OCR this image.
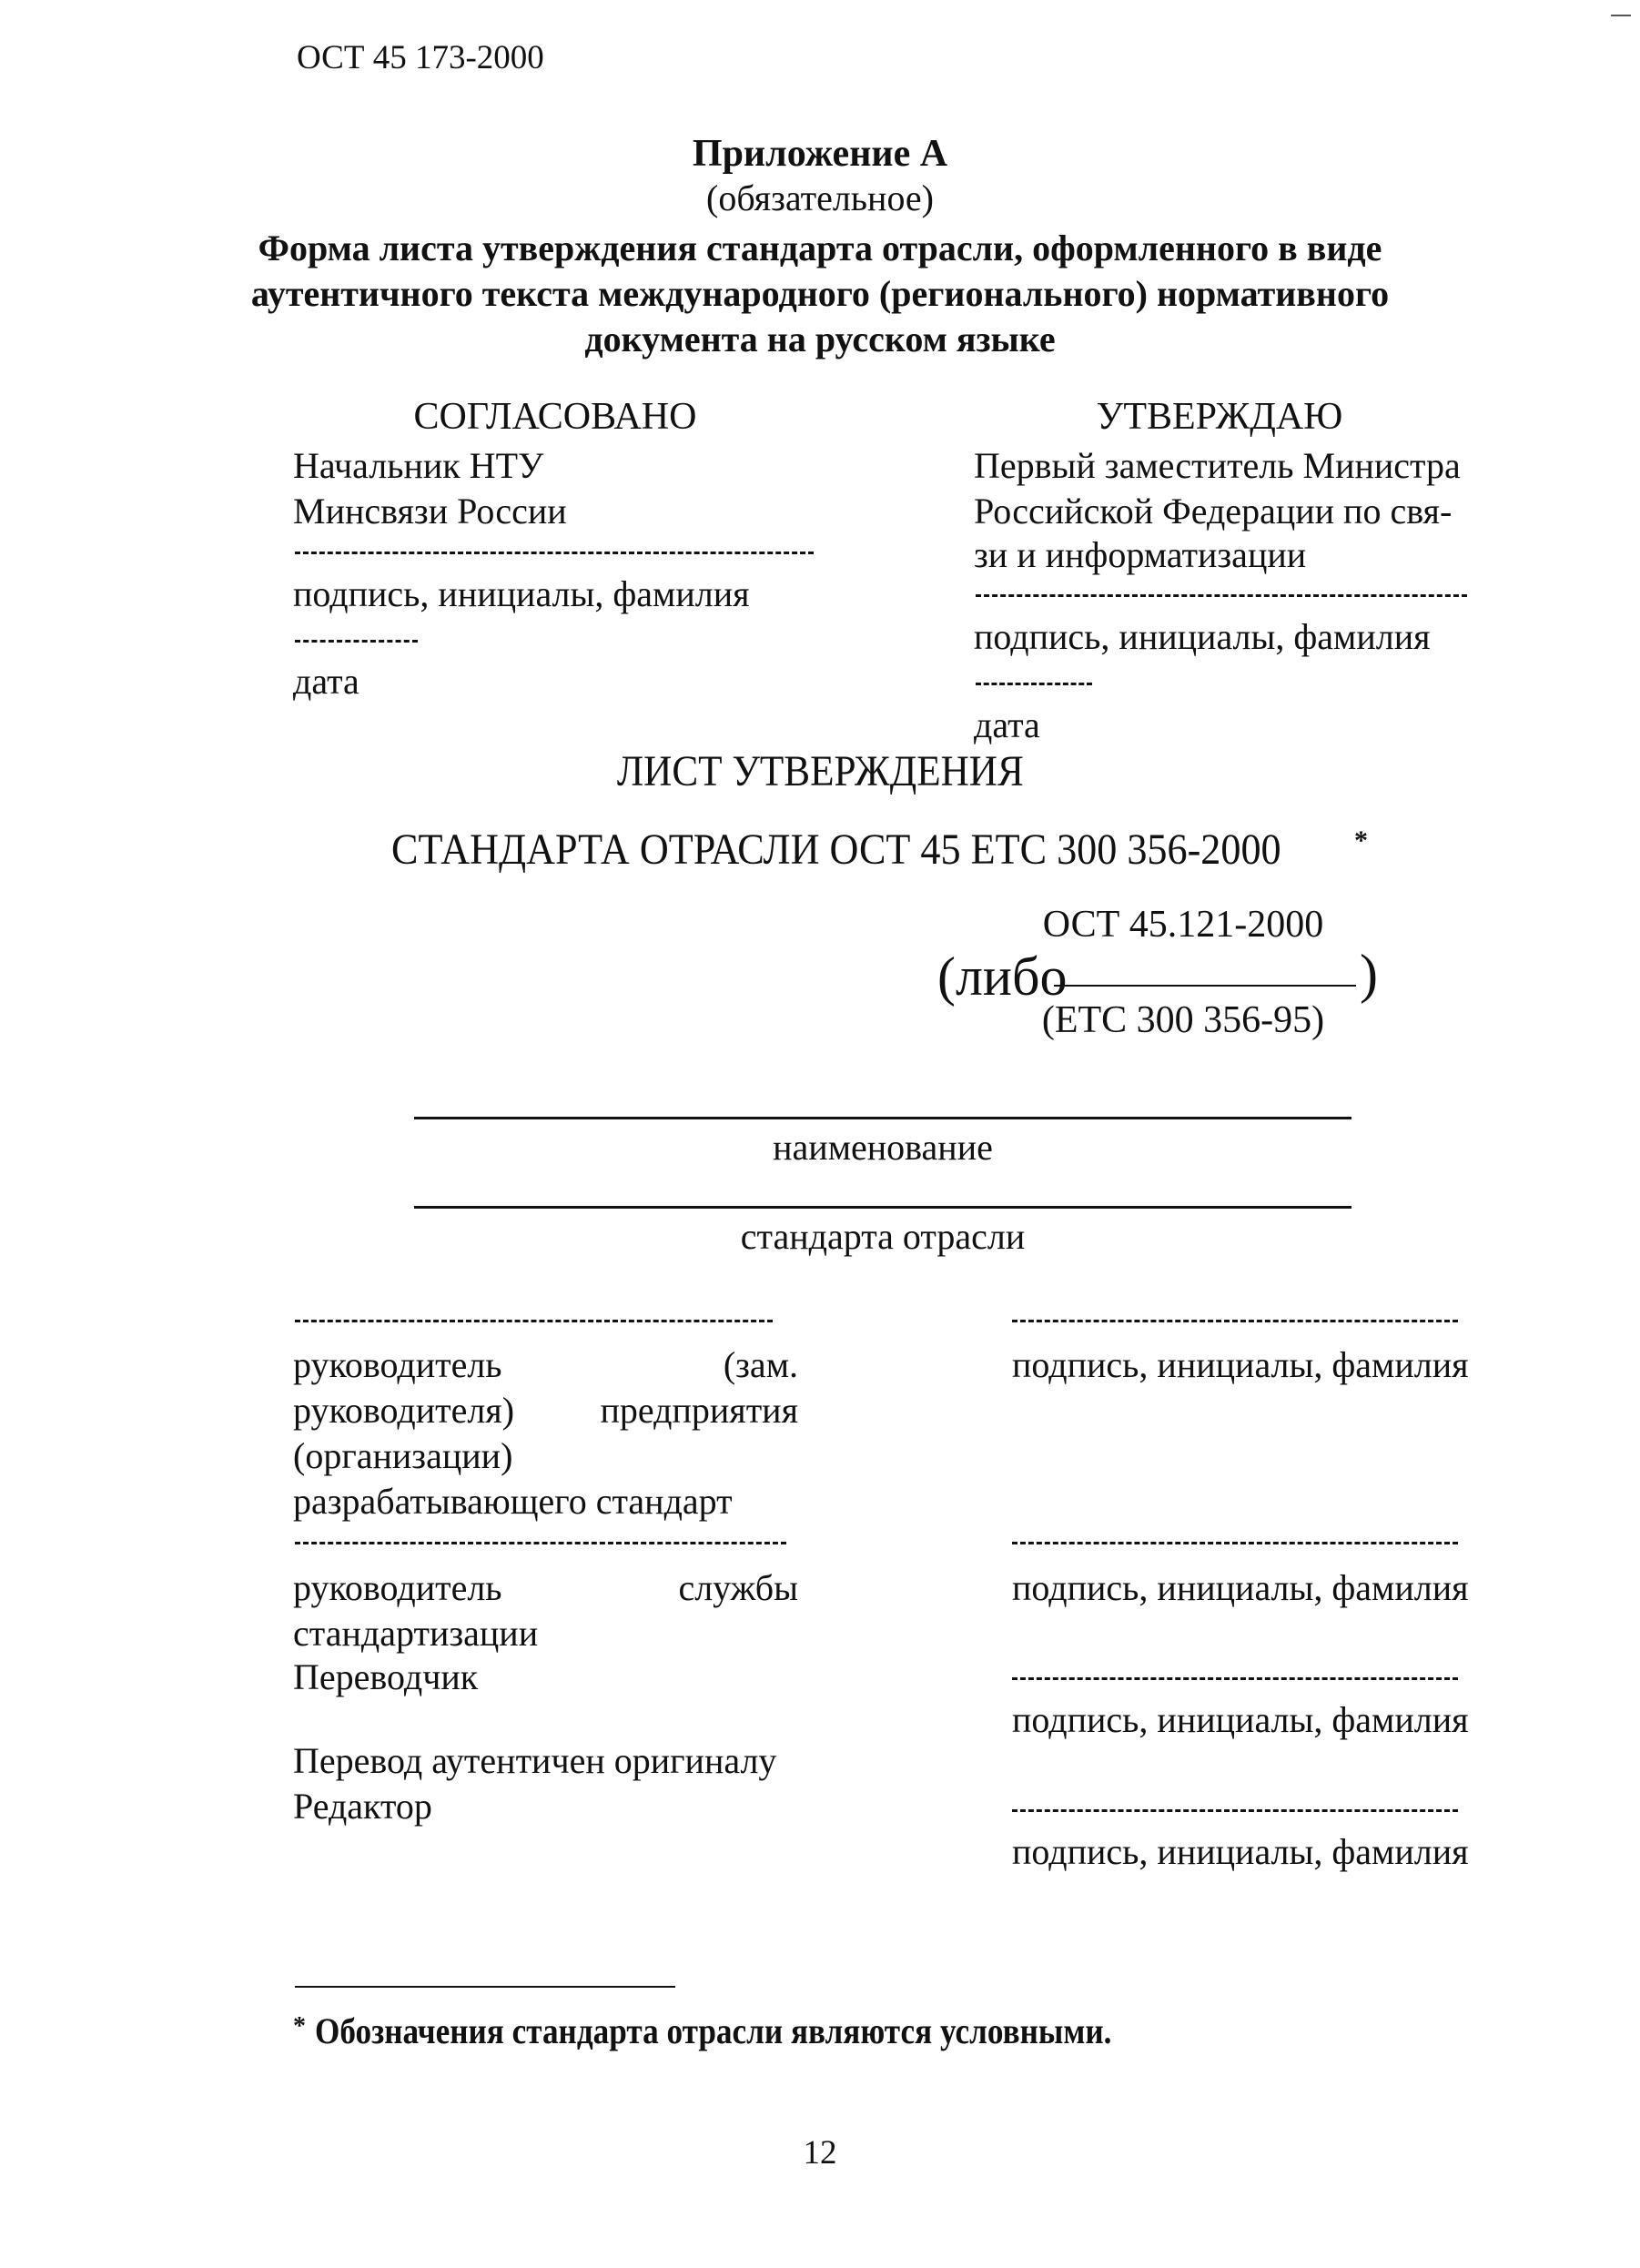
ОСТ 45 173-2000
Приложение А
(обязательное)
Форма листа утверждения стандарта отрасли, оформленного в виде
аутентичного текста международного (регионального) нормативного
документа на русском языке
СОГЛАСОВАНО
Начальник НТУ
Минсвязи России
подпись, инициалы, фамилия
дата
УТВЕРЖДАЮ
Первый заместитель Министра
Российской Федерации по свя-
зи и информатизации
подпись, инициалы, фамилия
дата
ЛИСТ УТВЕРЖДЕНИЯ
СТАНДАРТА ОТРАСЛИ ОСТ 45 ЕТС 300 356-2000	*
ОСТ 45.121-2000
(либо	)
(ЕТС 300 356-95)
наименование
стандарта отрасли
руководитель (зам. руководителя) предприятия (организации) разрабатывающего стандарт
подпись, инициалы, фамилия
руководитель службы стандартизации
подпись, инициалы, фамилия
Переводчик
подпись, инициалы, фамилия
Перевод аутентичен оригиналу
Редактор
подпись, инициалы, фамилия
* Обозначения стандарта отрасли являются условными.
12
